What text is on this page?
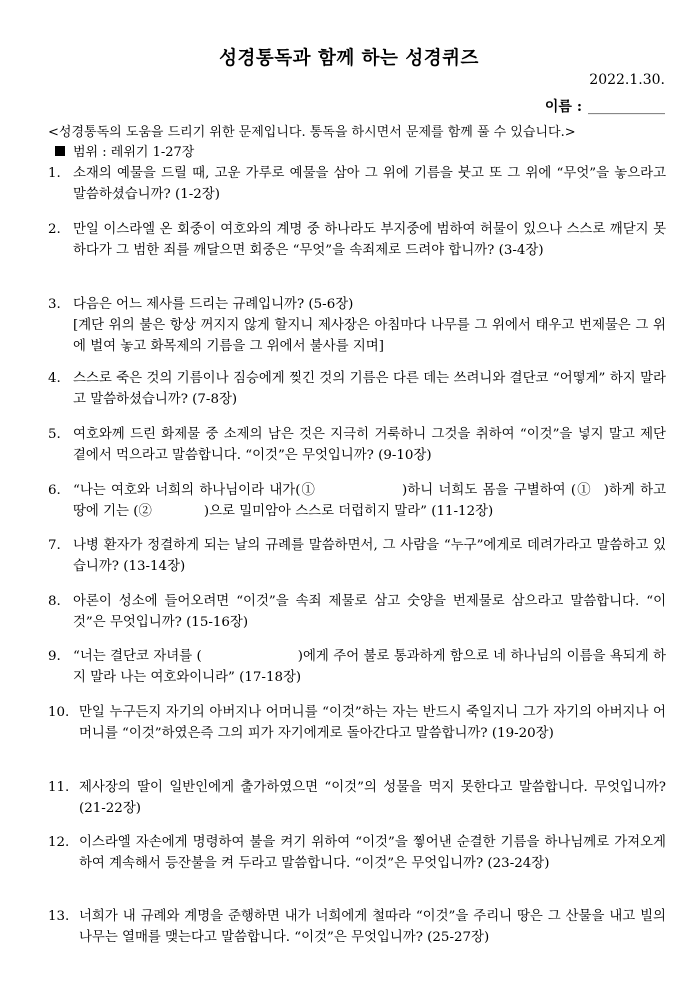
성경통독과 함께 하는 성경퀴즈
2022.1.30.
이름 : ___________
<성경통독의 도움을 드리기 위한 문제입니다. 통독을 하시면서 문제를 함께 풀 수 있습니다.>
범위 : 레위기 1-27장
1. 소재의 예물을 드릴 때, 고운 가루로 예물을 삼아 그 위에 기름을 붓고 또 그 위에 “무엇”을 놓으라고 말씀하셨습니까? (1-2장)
2. 만일 이스라엘 온 회중이 여호와의 계명 중 하나라도 부지중에 범하여 허물이 있으나 스스로 깨닫지 못하다가 그 범한 죄를 깨달으면 회중은 “무엇”을 속죄제로 드려야 합니까? (3-4장)
3. 다음은 어느 제사를 드리는 규례입니까? (5-6장)
[계단 위의 불은 항상 꺼지지 않게 할지니 제사장은 아침마다 나무를 그 위에서 태우고 번제물은 그 위에 벌여 놓고 화목제의 기름을 그 위에서 불사를 지며]
4. 스스로 죽은 것의 기름이나 짐승에게 찢긴 것의 기름은 다른 데는 쓰려니와 결단코 “어떻게” 하지 말라고 말씀하셨습니까? (7-8장)
5. 여호와께 드린 화제물 중 소제의 남은 것은 지극히 거룩하니 그것을 취하여 “이것”을 넣지 말고 제단 곁에서 먹으라고 말씀합니다. “이것”은 무엇입니까? (9-10장)
6. “나는 여호와 너희의 하나님이라 내가(①	)하니 너희도 몸을 구별하여 (① )하게 하고 땅에 기는 (②	)으로 밀미암아 스스로 더럽히지 말라” (11-12장)
7. 나병 환자가 정결하게 되는 날의 규례를 말씀하면서, 그 사람을 “누구”에게로 데려가라고 말씀하고 있습니까? (13-14장)
8. 아론이 성소에 들어오려면 “이것”을 속죄 제물로 삼고 숫양을 번제물로 삼으라고 말씀합니다. “이것”은 무엇입니까? (15-16장)
9. “너는 결단코 자녀를 (	)에게 주어 불로 통과하게 함으로 네 하나님의 이름을 욕되게 하지 말라 나는 여호와이니라” (17-18장)
10. 만일 누구든지 자기의 아버지나 어머니를 “이것”하는 자는 반드시 죽일지니 그가 자기의 아버지나 어머니를 “이것”하였은즉 그의 피가 자기에게로 돌아간다고 말씀합니까? (19-20장)
11. 제사장의 딸이 일반인에게 출가하였으면 “이것”의 성물을 먹지 못한다고 말씀합니다. 무엇입니까? (21-22장)
12. 이스라엘 자손에게 명령하여 불을 켜기 위하여 “이것”을 찧어낸 순결한 기름을 하나님께로 가져오게 하여 계속해서 등잔불을 켜 두라고 말씀합니다. “이것”은 무엇입니까? (23-24장)
13. 너희가 내 규례와 계명을 준행하면 내가 너희에게 철따라 “이것”을 주리니 땅은 그 산물을 내고 빌의 나무는 열매를 맺는다고 말씀합니다. “이것”은 무엇입니까? (25-27장)
